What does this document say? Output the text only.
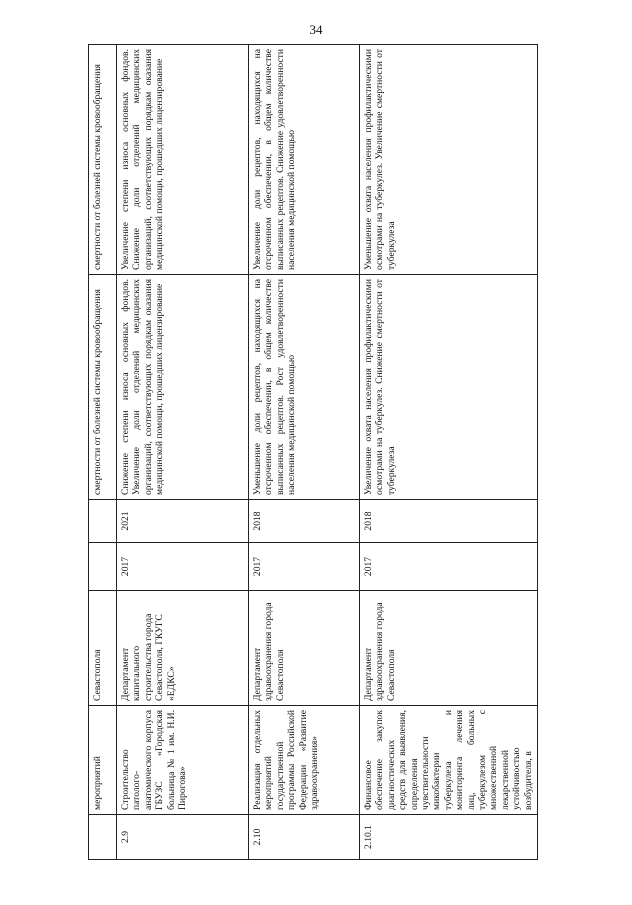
34
	мероприятий	Севастополя			смертности от болезней системы кровообращения	смертности от болезней системы кровообращения
2.9	Строительство патолого-анатомического корпуса ГБУЗС «Городская больница № 1 им. Н.И. Пирогова»	Департамент капитального строительства города Севастополя, ГКУГС «ЕДКС»	2017	2021	Снижение степени износа основных фондов. Увеличение доли отделений медицинских организаций, соответствующих порядкам оказания медицинской помощи, прошедших лицензирование	Увеличение степени износа основных фондов. Снижение доли отделений медицинских организаций, соответствующих порядкам оказания медицинской помощи, прошедших лицензирование
2.10	Реализация отдельных мероприятий государственной программы Российской Федерации «Развитие здравоохранения»	Департамент здравоохранения города Севастополя	2017	2018	Уменьшение доли рецептов, находящихся на отсроченном обеспечении, в общем количестве выписанных рецептов. Рост удовлетворенности населения медицинской помощью	Увеличение доли рецептов, находящихся на отсроченном обеспечении, в общем количестве выписанных рецептов. Снижение удовлетворенности населения медицинской помощью
2.10.1	Финансовое обеспечение закупок диагностических средств для выявления, определения чувствительности микобактерии туберкулеза и мониторинга лечения лиц, больных туберкулезом с множественной лекарственной устойчивостью возбудителя, в	Департамент здравоохранения города Севастополя	2017	2018	Увеличение охвата населения профилактическими осмотрами на туберкулез. Снижение смертности от туберкулеза	Уменьшение охвата населения профилактическими осмотрами на туберкулез. Увеличение смертности от туберкулеза
